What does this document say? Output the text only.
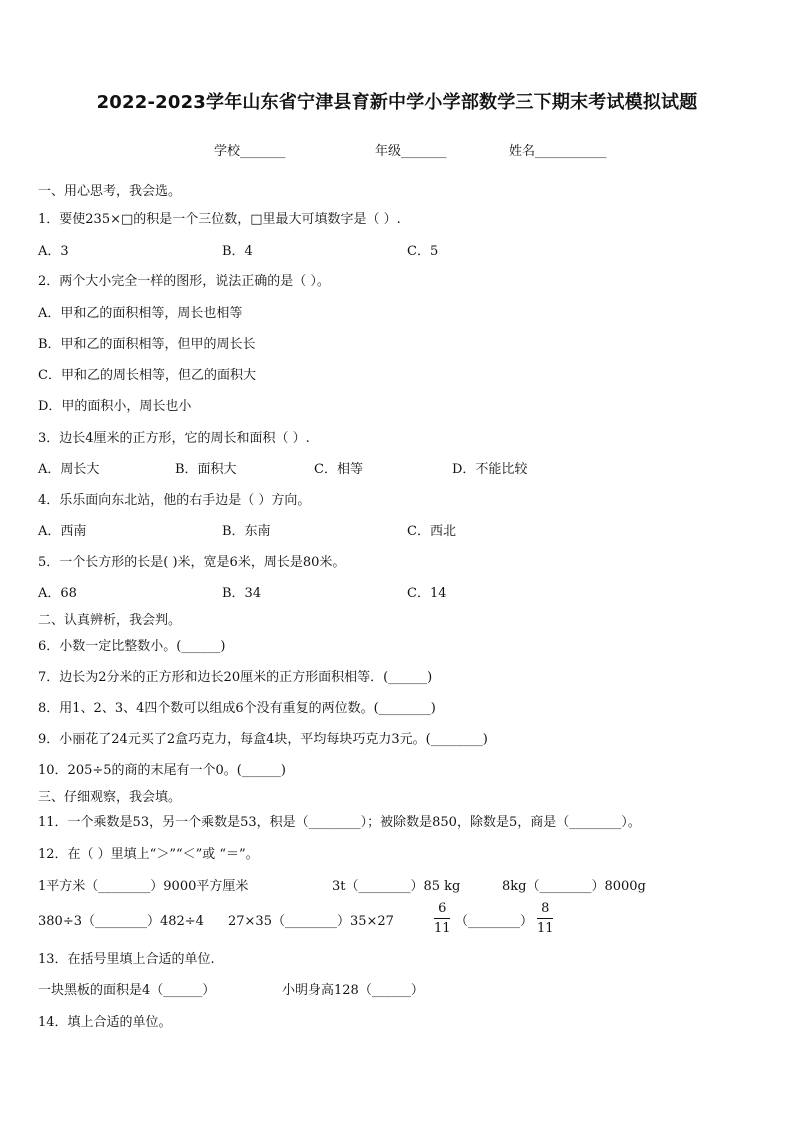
2022-2023学年山东省宁津县育新中学小学部数学三下期末考试模拟试题
学校_______	年级_______	姓名___________
一、用心思考，我会选。
1．要使235×□的积是一个三位数，□里最大可填数字是（ ）.
A．3	B．4	C．5
2．两个大小完全一样的图形，说法正确的是（ ）。
A．甲和乙的面积相等，周长也相等
B．甲和乙的面积相等，但甲的周长长
C．甲和乙的周长相等，但乙的面积大
D．甲的面积小，周长也小
3．边长4厘米的正方形，它的周长和面积（ ）.
A．周长大	B．面积大	C．相等	D．不能比较
4．乐乐面向东北站，他的右手边是（ ）方向。
A．西南	B．东南	C．西北
5．一个长方形的长是( )米，宽是6米，周长是80米。
A．68	B．34	C．14
二、认真辨析，我会判。
6．小数一定比整数小。(______)
7．边长为2分米的正方形和边长20厘米的正方形面积相等．(______)
8．用1、2、3、4四个数可以组成6个没有重复的两位数。(________)
9．小丽花了24元买了2盒巧克力，每盒4块，平均每块巧克力3元。(________)
10．205÷5的商的末尾有一个0。(______)
三、仔细观察，我会填。
11．一个乘数是53，另一个乘数是53，积是（________）；被除数是850，除数是5，商是（________）。
12．在（ ）里填上“＞”“＜”或 “＝”。
1平方米（________）9000平方厘米	3t（________）85 kg	8kg（________）8000g
380÷3（________）482÷4 27×35（________）35×27
6
11 （________）
8
11
13．在括号里填上合适的单位.
一块黑板的面积是4（______）	小明身高128（______）
14．填上合适的单位。
